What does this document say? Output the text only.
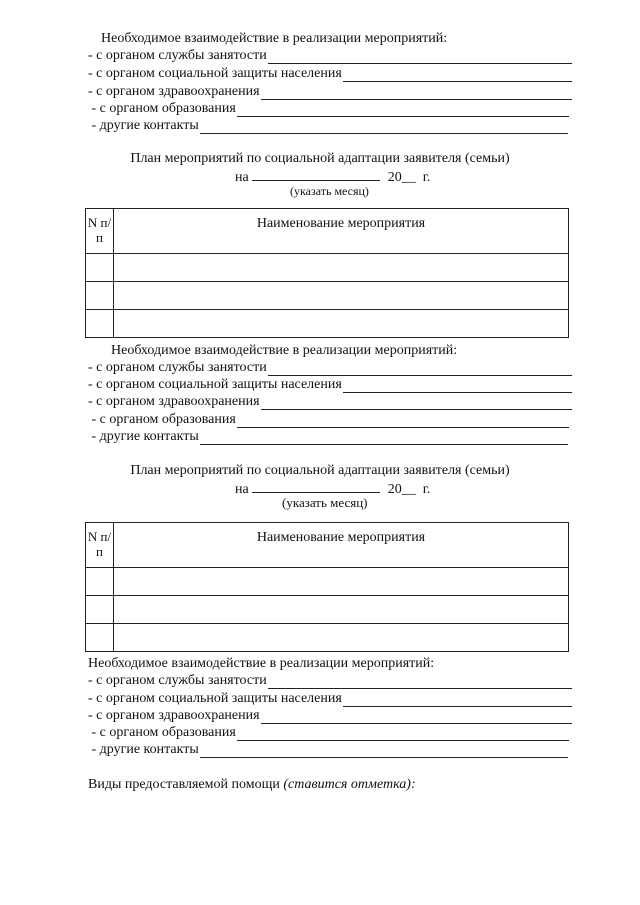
Необходимое взаимодействие в реализации мероприятий:
- с органом службы занятости
- с органом социальной защиты населения
- с органом здравоохранения
- с органом образования
- другие контакты
План мероприятий по социальной адаптации заявителя (семьи)
на	20__  г.
(указать месяц)
N п/п	Наименование мероприятия

Необходимое взаимодействие в реализации мероприятий:
- с органом службы занятости
- с органом социальной защиты населения
- с органом здравоохранения
- с органом образования
- другие контакты
План мероприятий по социальной адаптации заявителя (семьи)
на	20__  г.
(указать месяц)
N п/п	Наименование мероприятия

Необходимое взаимодействие в реализации мероприятий:
- с органом службы занятости
- с органом социальной защиты населения
- с органом здравоохранения
- с органом образования
- другие контакты
Виды предоставляемой помощи (ставится отметка):
